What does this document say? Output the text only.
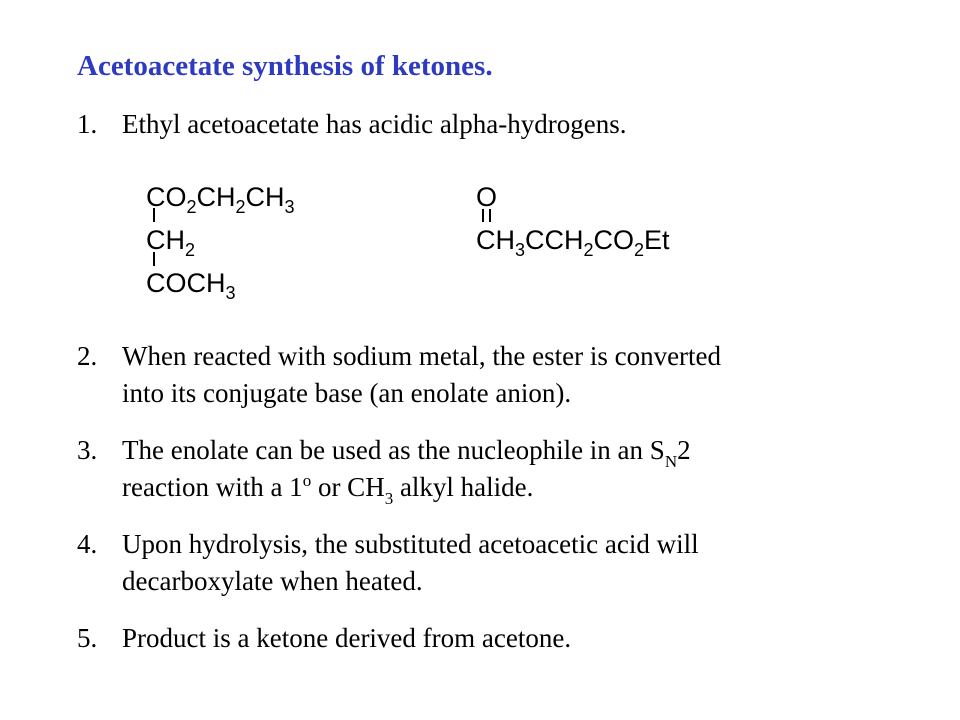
Acetoacetate synthesis of ketones.
1. Ethyl acetoacetate has acidic alpha-hydrogens.
$CO_2CH_2CH_3$
$CH_2$
$COCH_3$
O
$CH_3CCH_2CO_2Et$
2. When reacted with sodium metal, the ester is converted
into its conjugate base (an enolate anion).
3. The enolate can be used as the nucleophile in an $S_N2$
reaction with a 1$^o$ or $CH_3$ alkyl halide.
4. Upon hydrolysis, the substituted acetoacetic acid will
decarboxylate when heated.
5. Product is a ketone derived from acetone.
